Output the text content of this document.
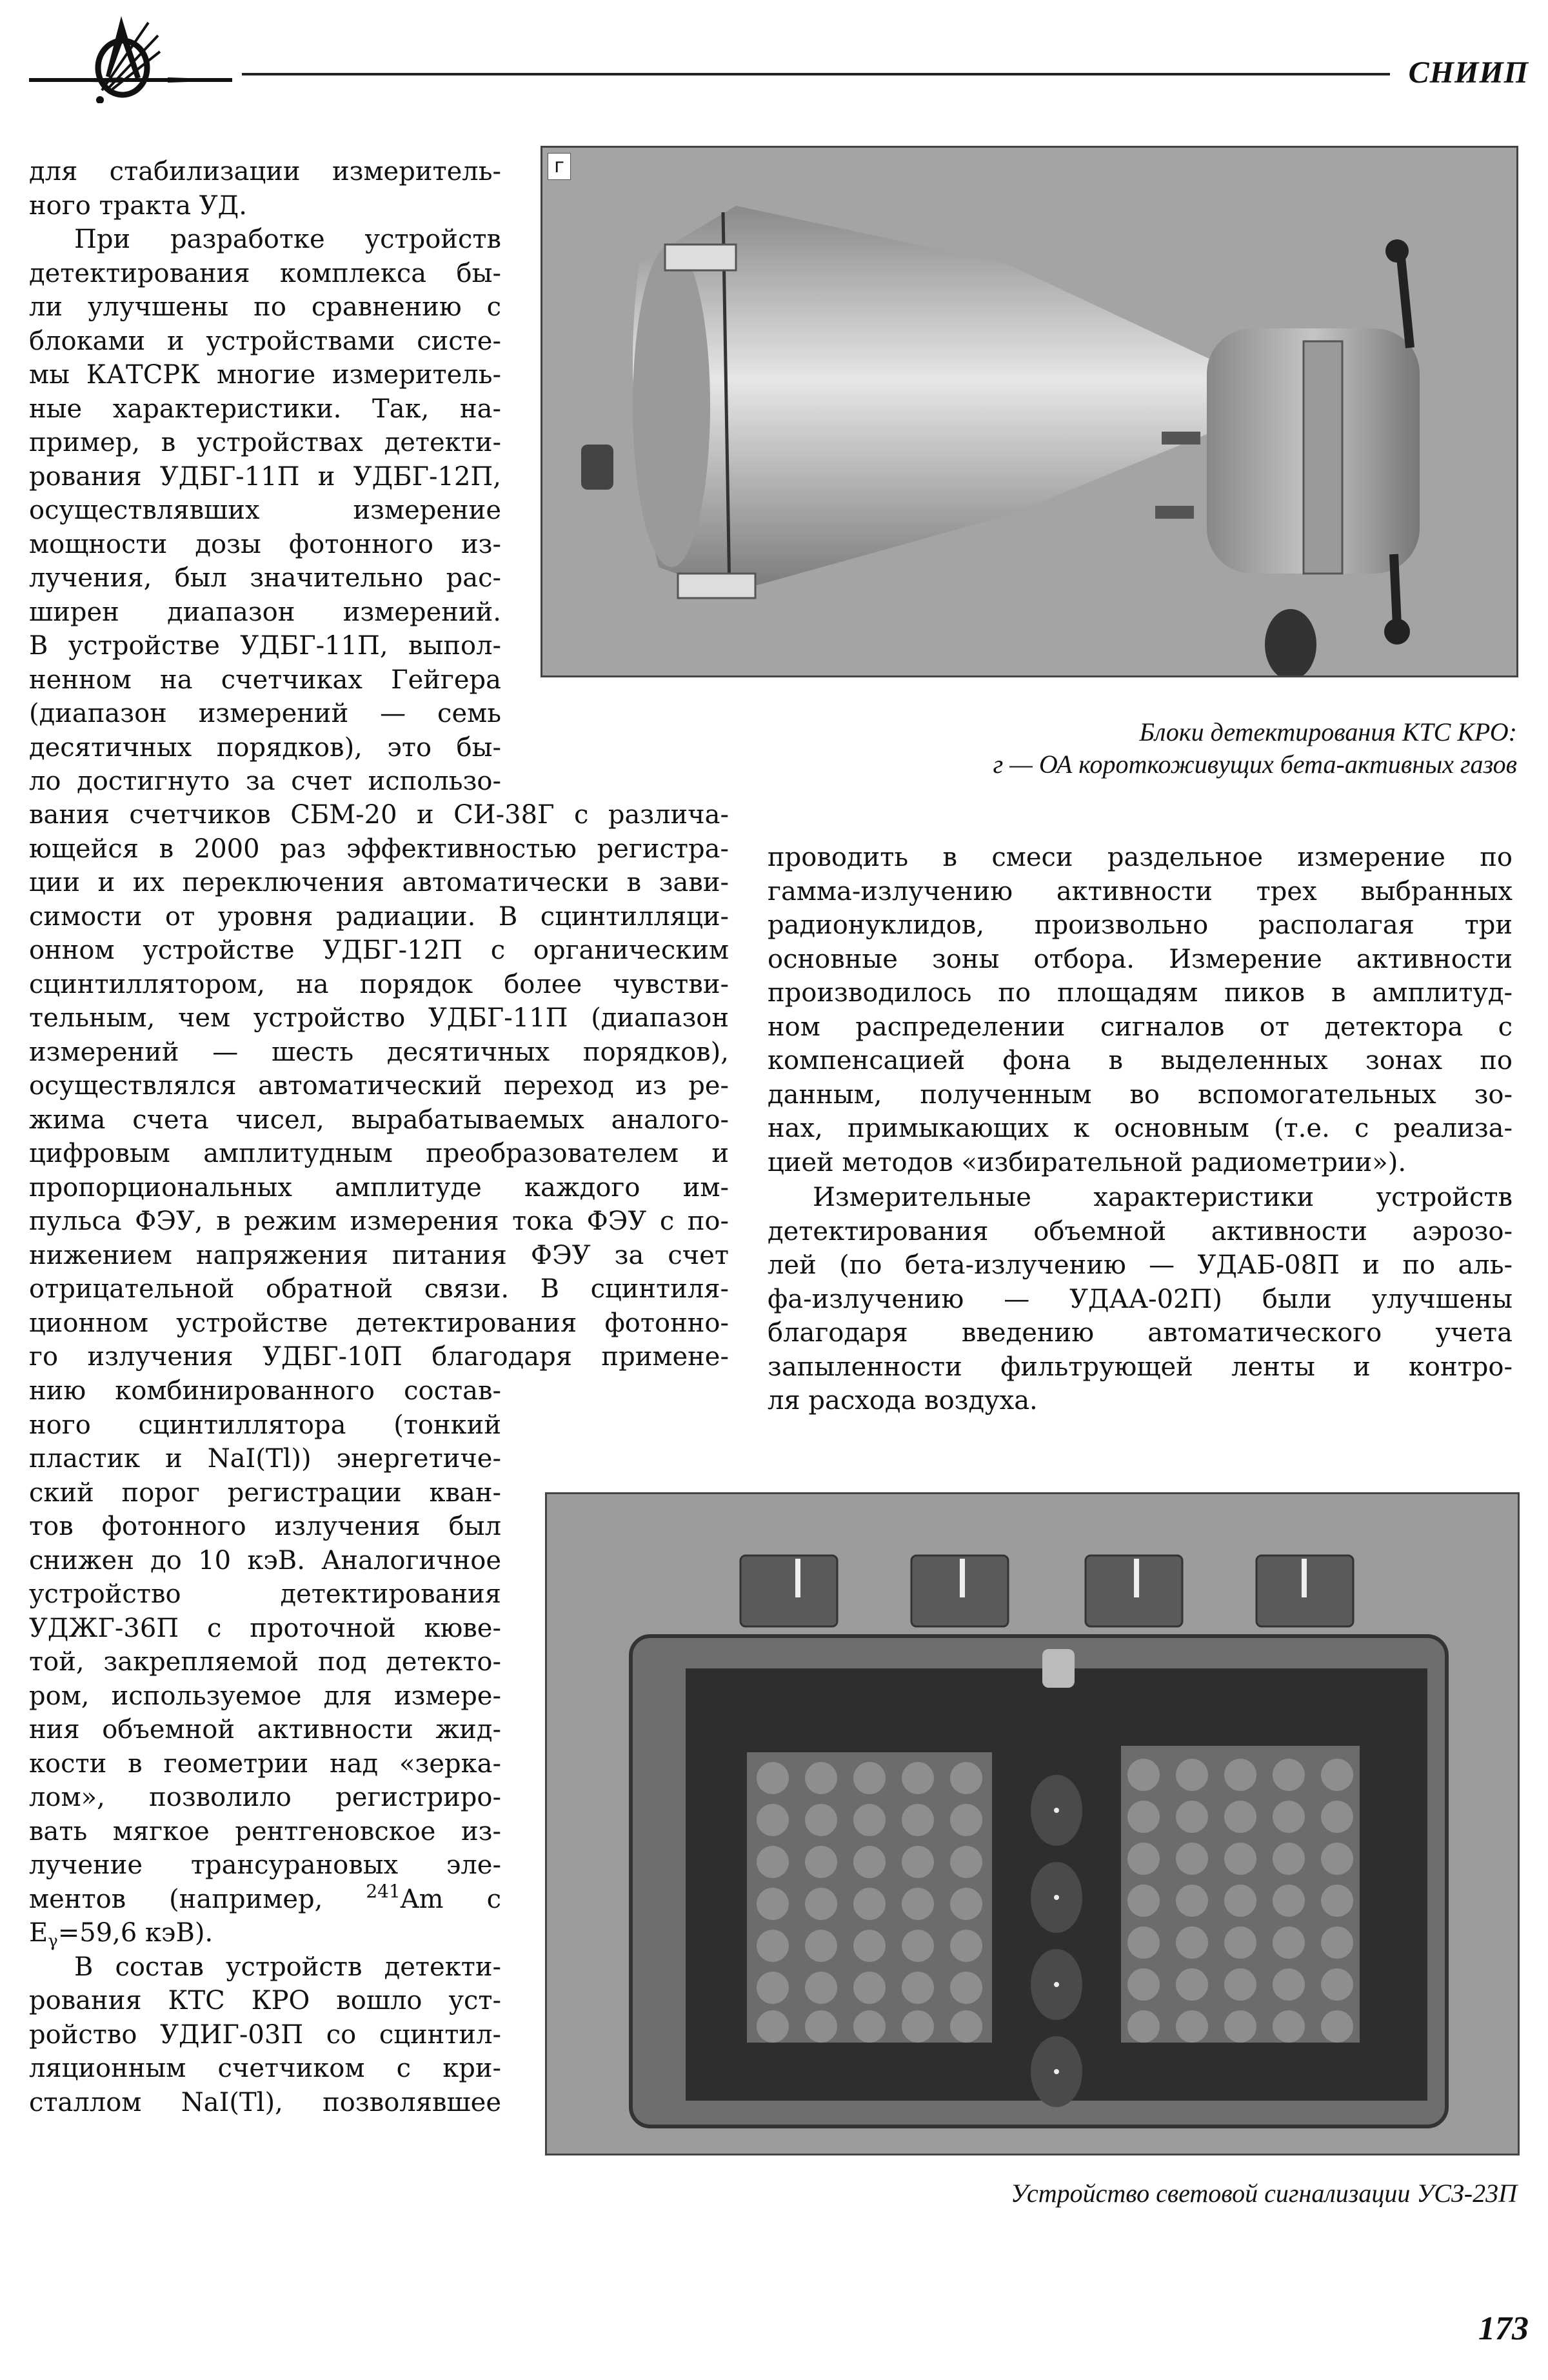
СНИИП
для стабилизации измеритель-
ного тракта УД.
При разработке устройств
детектирования комплекса бы-
ли улучшены по сравнению с
блоками и устройствами систе-
мы КАТСРК многие измеритель-
ные характеристики. Так, на-
пример, в устройствах детекти-
рования УДБГ-11П и УДБГ-12П,
осуществлявших измерение
мощности дозы фотонного из-
лучения, был значительно рас-
ширен диапазон измерений.
В устройстве УДБГ-11П, выпол-
ненном на счетчиках Гейгера
(диапазон измерений — семь
десятичных порядков), это бы-
ло достигнуто за счет использо-
вания счетчиков СБМ-20 и СИ-38Г с различа-
ющейся в 2000 раз эффективностью регистра-
ции и их переключения автоматически в зави-
симости от уровня радиации. В сцинтилляци-
онном устройстве УДБГ-12П с органическим
сцинтиллятором, на порядок более чувстви-
тельным, чем устройство УДБГ-11П (диапазон
измерений — шесть десятичных порядков),
осуществлялся автоматический переход из ре-
жима счета чисел, вырабатываемых аналого-
цифровым амплитудным преобразователем и
пропорциональных амплитуде каждого им-
пульса ФЭУ, в режим измерения тока ФЭУ с по-
нижением напряжения питания ФЭУ за счет
отрицательной обратной связи. В сцинтиля-
ционном устройстве детектирования фотонно-
го излучения УДБГ-10П благодаря примене-
нию комбинированного состав-
ного сцинтиллятора (тонкий
пластик и NaI(Tl)) энергетиче-
ский порог регистрации кван-
тов фотонного излучения был
снижен до 10 кэВ. Аналогичное
устройство детектирования
УДЖГ-36П с проточной кюве-
той, закрепляемой под детекто-
ром, используемое для измере-
ния объемной активности жид-
кости в геометрии над «зерка-
лом», позволило регистриро-
вать мягкое рентгеновское из-
лучение трансурановых эле-
ментов (например, $^{241}$Am с
$E_\gamma=59,6$ кэВ).
В состав устройств детекти-
рования КТС КРО вошло уст-
ройство УДИГ-03П со сцинтил-
ляционным счетчиком с кри-
сталлом NaI(Tl), позволявшее
г
Блоки детектирования КТС КРО:
г — ОА короткоживущих бета-активных газов
проводить в смеси раздельное измерение по
гамма-излучению активности трех выбранных
радионуклидов, произвольно располагая три
основные зоны отбора. Измерение активности
производилось по площадям пиков в амплитуд-
ном распределении сигналов от детектора с
компенсацией фона в выделенных зонах по
данным, полученным во вспомогательных зо-
нах, примыкающих к основным (т.е. с реализа-
цией методов «избирательной радиометрии»).
Измерительные характеристики устройств
детектирования объемной активности аэрозо-
лей (по бета-излучению — УДАБ-08П и по аль-
фа-излучению — УДАА-02П) были улучшены
благодаря введению автоматического учета
запыленности фильтрующей ленты и контро-
ля расхода воздуха.
Устройство световой сигнализации УСЗ-23П
173
